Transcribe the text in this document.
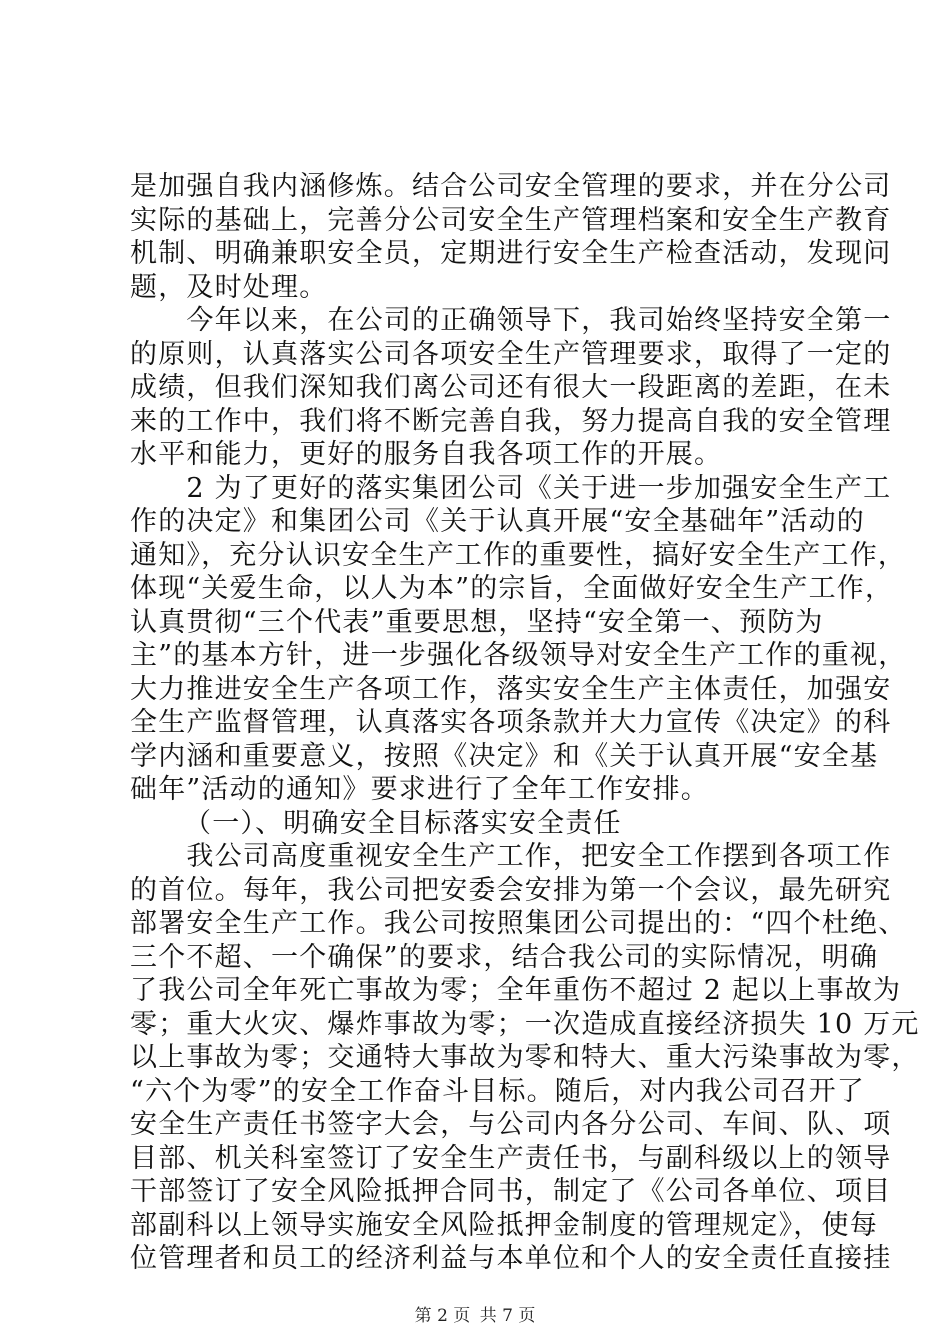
是加强自我内涵修炼。结合公司安全管理的要求，并在分公司
实际的基础上，完善分公司安全生产管理档案和安全生产教育
机制、明确兼职安全员，定期进行安全生产检查活动，发现问
题，及时处理。

　　今年以来，在公司的正确领导下，我司始终坚持安全第一
的原则，认真落实公司各项安全生产管理要求，取得了一定的
成绩，但我们深知我们离公司还有很大一段距离的差距，在未
来的工作中，我们将不断完善自我，努力提高自我的安全管理
水平和能力，更好的服务自我各项工作的开展。

　　2 为了更好的落实集团公司《关于进一步加强安全生产工
作的决定》和集团公司《关于认真开展“安全基础年”活动的
通知》，充分认识安全生产工作的重要性，搞好安全生产工作，
体现“关爱生命，以人为本”的宗旨，全面做好安全生产工作，
认真贯彻“三个代表”重要思想，坚持“安全第一、预防为
主”的基本方针，进一步强化各级领导对安全生产工作的重视，
大力推进安全生产各项工作，落实安全生产主体责任，加强安
全生产监督管理，认真落实各项条款并大力宣传《决定》的科
学内涵和重要意义，按照《决定》和《关于认真开展“安全基
础年”活动的通知》要求进行了全年工作安排。

（一）、明确安全目标落实安全责任

　　我公司高度重视安全生产工作，把安全工作摆到各项工作
的首位。每年，我公司把安委会安排为第一个会议，最先研究
部署安全生产工作。我公司按照集团公司提出的：“四个杜绝、
三个不超、一个确保”的要求，结合我公司的实际情况，明确
了我公司全年死亡事故为零；全年重伤不超过 2 起以上事故为
零；重大火灾、爆炸事故为零；一次造成直接经济损失 10 万元
以上事故为零；交通特大事故为零和特大、重大污染事故为零，
“六个为零”的安全工作奋斗目标。随后，对内我公司召开了
安全生产责任书签字大会，与公司内各分公司、车间、队、项
目部、机关科室签订了安全生产责任书，与副科级以上的领导
干部签订了安全风险抵押合同书，制定了《公司各单位、项目
部副科以上领导实施安全风险抵押金制度的管理规定》，使每
位管理者和员工的经济利益与本单位和个人的安全责任直接挂

第 2 页 共 7 页
